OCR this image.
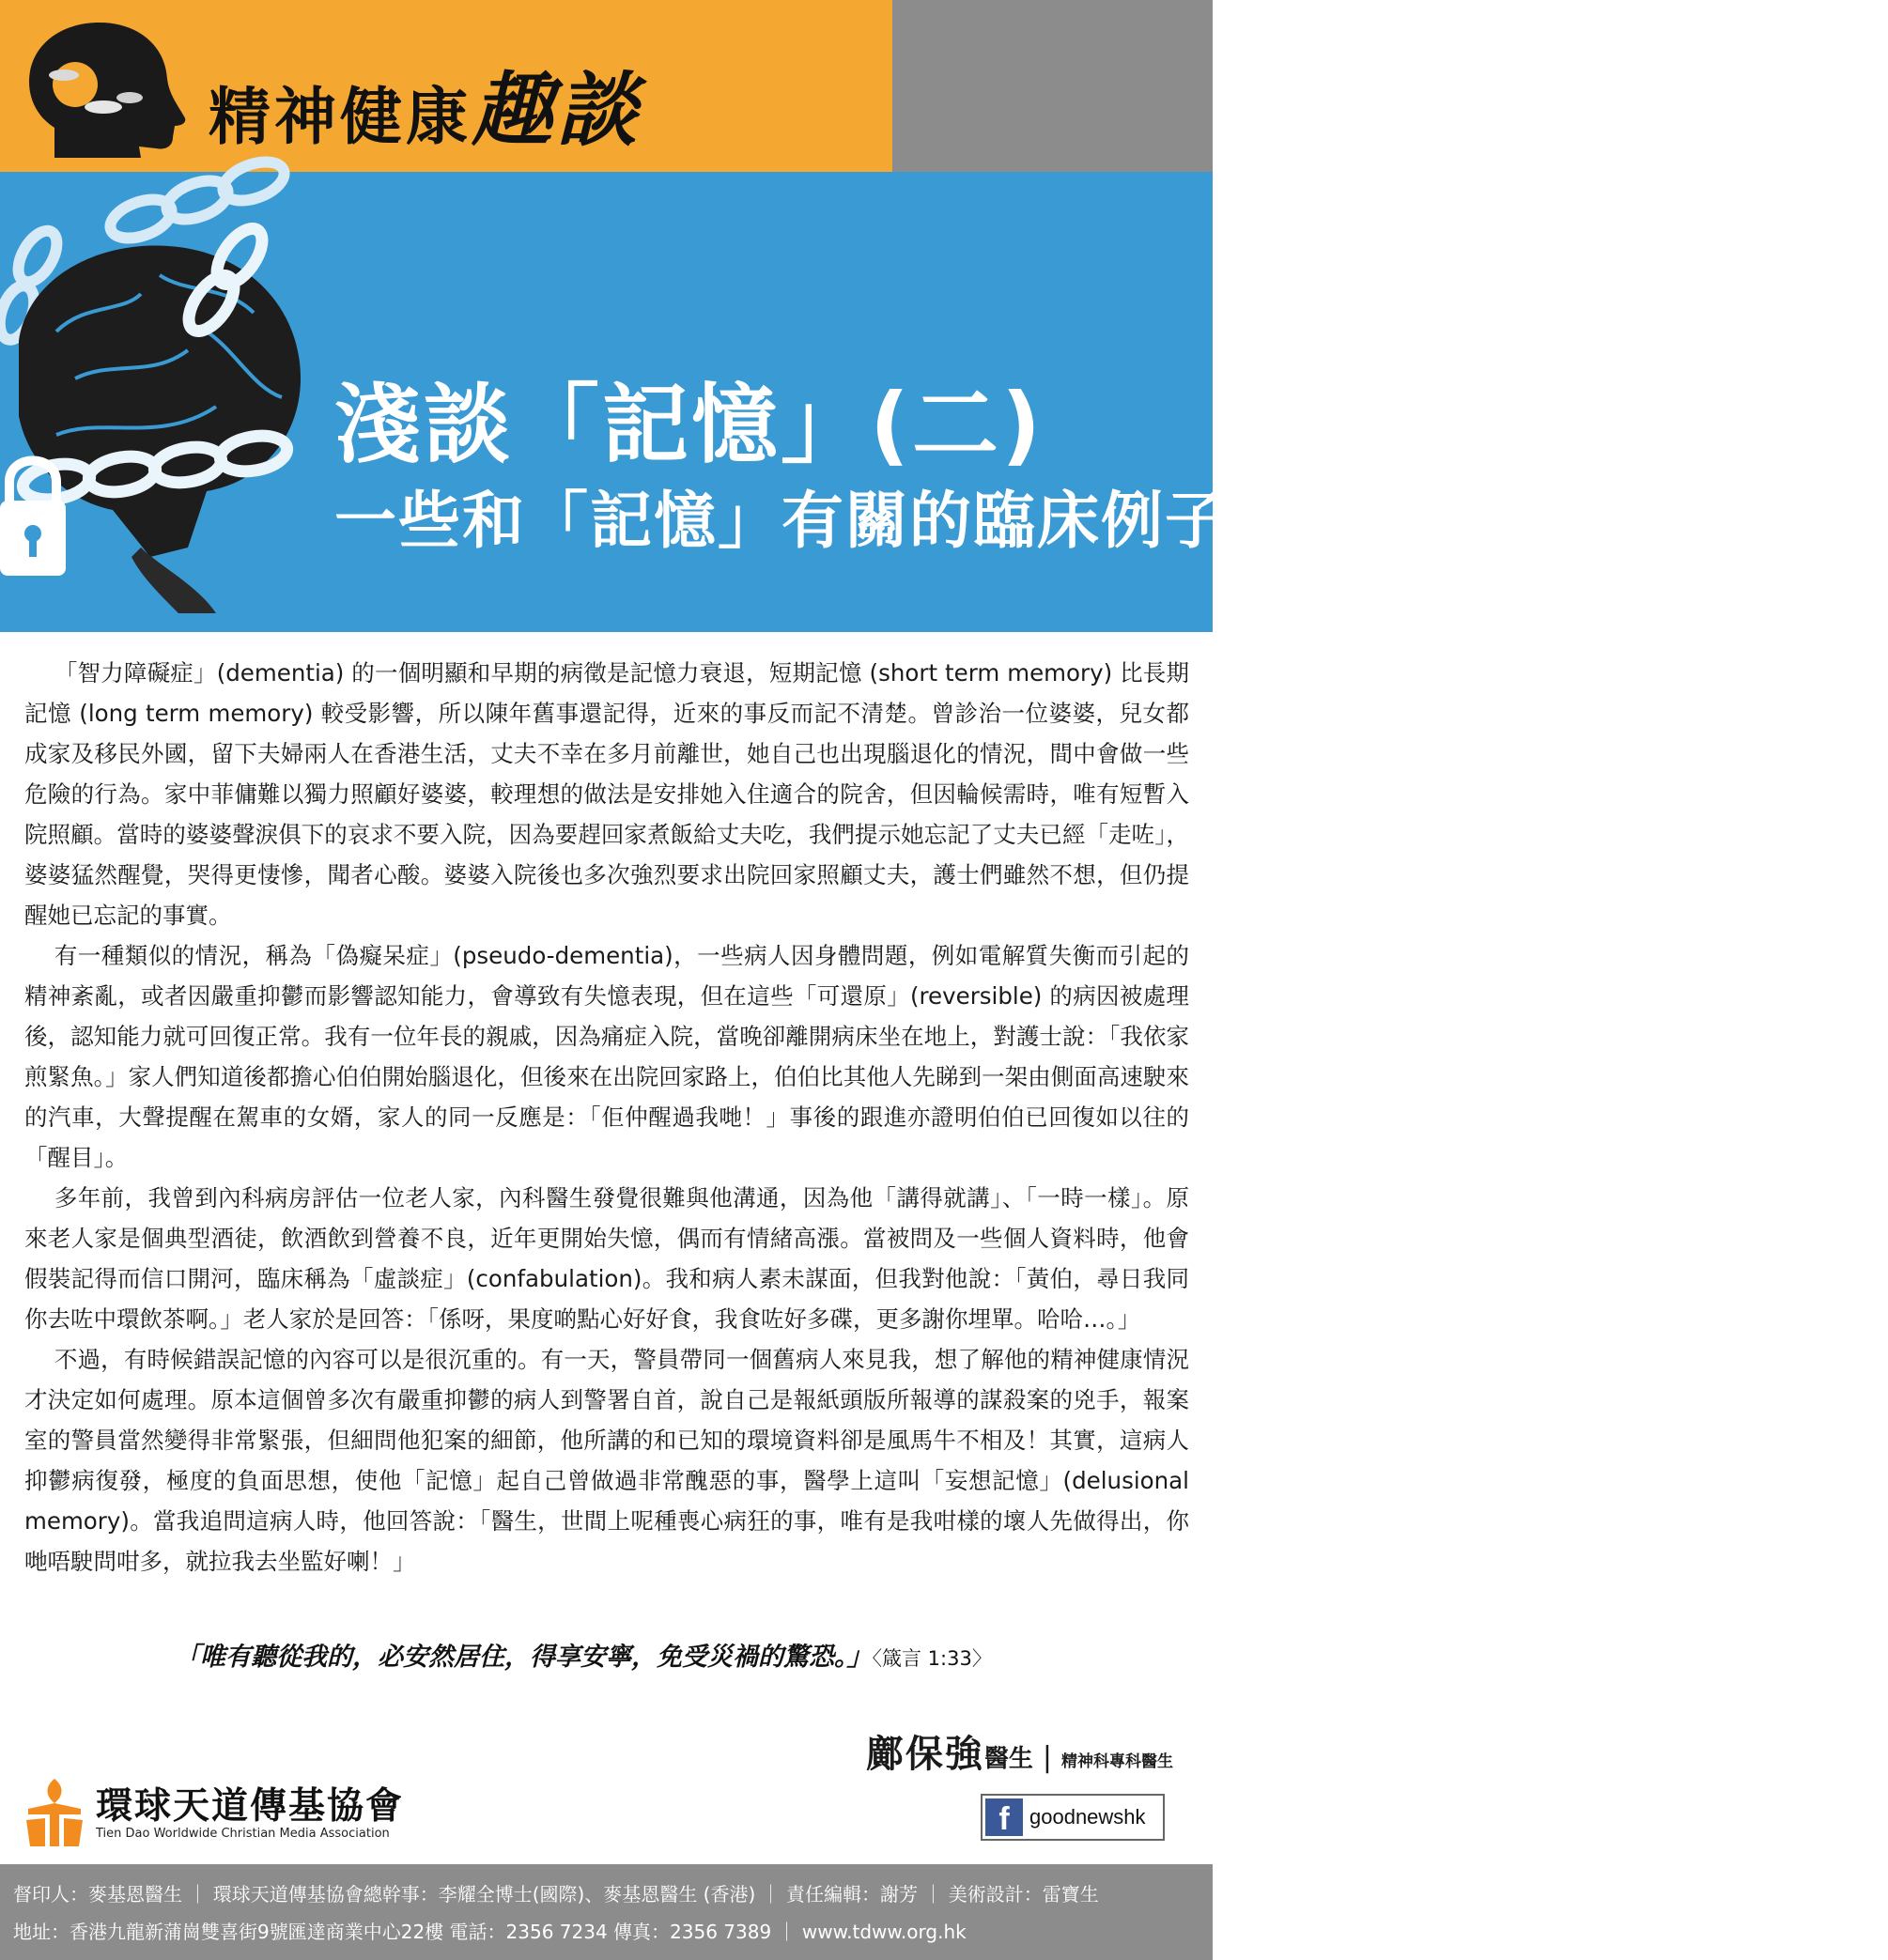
精神健康趣談	談天說道
淺談「記憶」(二)
一些和「記憶」有關的臨床例子

「智力障礙症」(dementia) 的一個明顯和早期的病徵是記憶力衰退，短期記憶 (short term memory) 比長期記憶 (long term memory) 較受影響，所以陳年舊事還記得，近來的事反而記不清楚。曾診治一位婆婆，兒女都成家及移民外國，留下夫婦兩人在香港生活，丈夫不幸在多月前離世，她自己也出現腦退化的情況，間中會做一些危險的行為。家中菲傭難以獨力照顧好婆婆，較理想的做法是安排她入住適合的院舍，但因輪候需時，唯有短暫入院照顧。當時的婆婆聲淚俱下的哀求不要入院，因為要趕回家煮飯給丈夫吃，我們提示她忘記了丈夫已經「走咗」，婆婆猛然醒覺，哭得更悽慘，聞者心酸。婆婆入院後也多次強烈要求出院回家照顧丈夫，護士們雖然不想，但仍提醒她已忘記的事實。

有一種類似的情況，稱為「偽癡呆症」(pseudo-dementia)，一些病人因身體問題，例如電解質失衡而引起的精神紊亂，或者因嚴重抑鬱而影響認知能力，會導致有失憶表現，但在這些「可還原」(reversible) 的病因被處理後，認知能力就可回復正常。我有一位年長的親戚，因為痛症入院，當晚卻離開病床坐在地上，對護士說：「我依家煎緊魚。」家人們知道後都擔心伯伯開始腦退化，但後來在出院回家路上，伯伯比其他人先睇到一架由側面高速駛來的汽車，大聲提醒在駕車的女婿，家人的同一反應是：「佢仲醒過我哋！」事後的跟進亦證明伯伯已回復如以往的「醒目」。

多年前，我曾到內科病房評估一位老人家，內科醫生發覺很難與他溝通，因為他「講得就講」、「一時一樣」。原來老人家是個典型酒徒，飲酒飲到營養不良，近年更開始失憶，偶而有情緒高漲。當被問及一些個人資料時，他會假裝記得而信口開河，臨床稱為「虛談症」(confabulation)。我和病人素未謀面，但我對他說：「黃伯，尋日我同你去咗中環飲茶啊。」老人家於是回答：「係呀，果度啲點心好好食，我食咗好多碟，更多謝你埋單。哈哈…。」

不過，有時候錯誤記憶的內容可以是很沉重的。有一天，警員帶同一個舊病人來見我，想了解他的精神健康情況才決定如何處理。原本這個曾多次有嚴重抑鬱的病人到警署自首，說自己是報紙頭版所報導的謀殺案的兇手，報案室的警員當然變得非常緊張，但細問他犯案的細節，他所講的和已知的環境資料卻是風馬牛不相及！其實，這病人抑鬱病復發，極度的負面思想，使他「記憶」起自己曾做過非常醜惡的事，醫學上這叫「妄想記憶」(delusional memory)。當我追問這病人時，他回答說：「醫生，世間上呢種喪心病狂的事，唯有是我咁樣的壞人先做得出，你哋唔駛問咁多，就拉我去坐監好喇！」

「唯有聽從我的，必安然居住，得享安寧，免受災禍的驚恐。」〈箴言 1:33〉
鄺保強醫生 | 精神科專科醫生
環球天道傳基協會
Tien Dao Worldwide Christian Media Association	f goodnewshk
督印人：麥基恩醫生 ｜ 環球天道傳基協會總幹事：李耀全博士(國際)、麥基恩醫生 (香港) ｜ 責任編輯：謝芳 ｜ 美術設計：雷寶生
地址：香港九龍新蒲崗雙喜街9號匯達商業中心22樓 電話：2356 7234 傳真：2356 7389 ｜ www.tdww.org.hk
